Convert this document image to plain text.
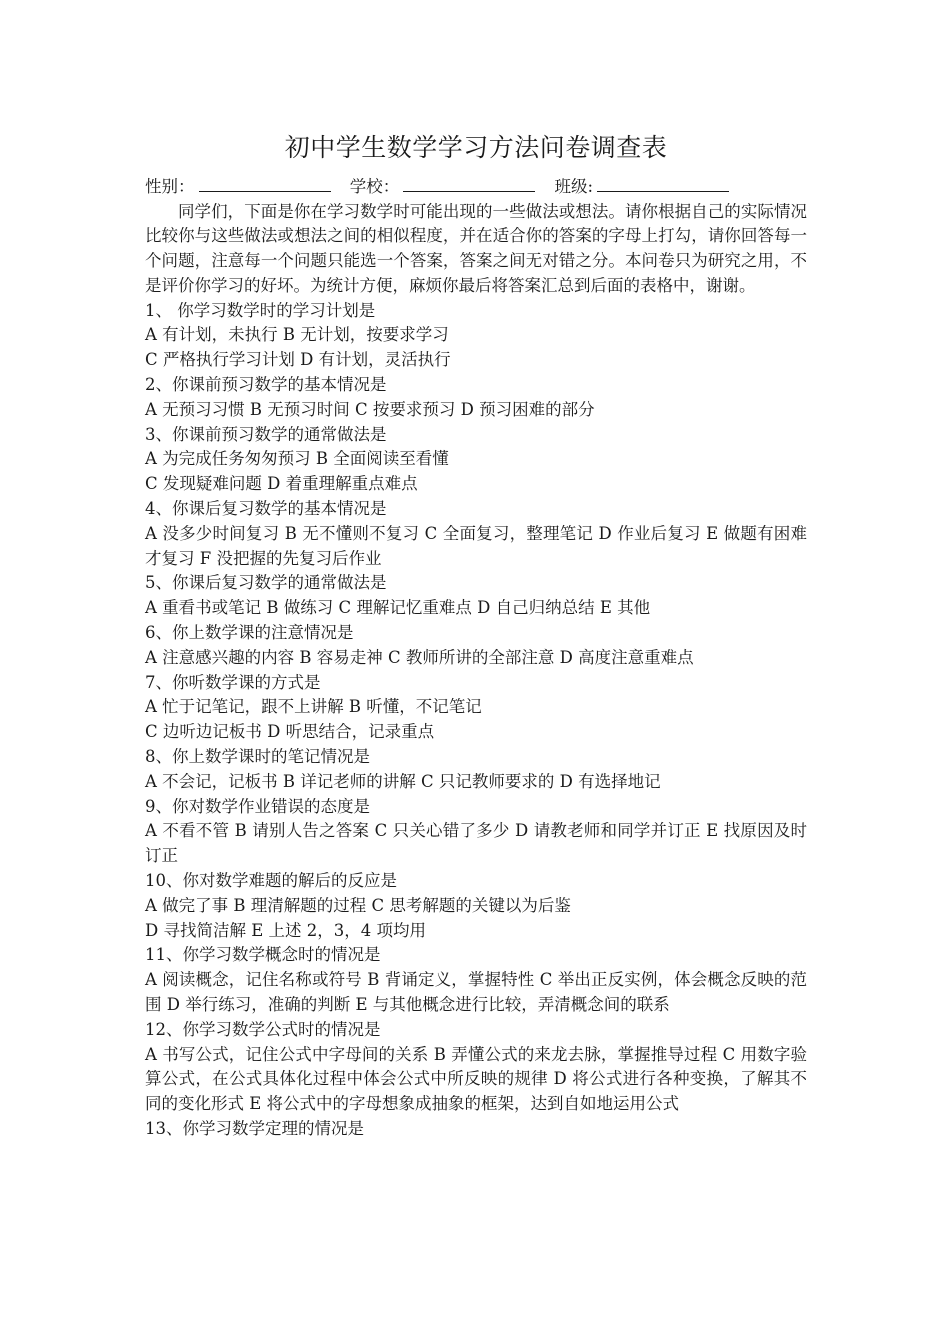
初中学生数学学习方法问卷调查表
性别：	学校：	班级:

同学们，下面是你在学习数学时可能出现的一些做法或想法。请你根据自己的实际情况比较你与这些做法或想法之间的相似程度，并在适合你的答案的字母上打勾，请你回答每一个问题，注意每一个问题只能选一个答案，答案之间无对错之分。本问卷只为研究之用，不是评价你学习的好坏。为统计方便，麻烦你最后将答案汇总到后面的表格中，谢谢。

1、 你学习数学时的学习计划是

A 有计划，未执行 B 无计划，按要求学习

C 严格执行学习计划 D 有计划，灵活执行

2、你课前预习数学的基本情况是

A 无预习习惯 B 无预习时间 C 按要求预习 D 预习困难的部分

3、你课前预习数学的通常做法是

A 为完成任务匆匆预习 B 全面阅读至看懂

C 发现疑难问题 D 着重理解重点难点

4、你课后复习数学的基本情况是

A 没多少时间复习 B 无不懂则不复习 C 全面复习，整理笔记 D 作业后复习 E 做题有困难才复习 F 没把握的先复习后作业

5、你课后复习数学的通常做法是

A 重看书或笔记 B 做练习 C 理解记忆重难点 D 自己归纳总结 E 其他

6、你上数学课的注意情况是

A 注意感兴趣的内容 B 容易走神 C 教师所讲的全部注意 D 高度注意重难点

7、你听数学课的方式是

A 忙于记笔记，跟不上讲解 B 听懂，不记笔记

C 边听边记板书 D 听思结合，记录重点

8、你上数学课时的笔记情况是

A 不会记，记板书 B 详记老师的讲解 C 只记教师要求的 D 有选择地记

9、你对数学作业错误的态度是

A 不看不管 B 请别人告之答案 C 只关心错了多少 D 请教老师和同学并订正 E 找原因及时订正

10、你对数学难题的解后的反应是

A 做完了事 B 理清解题的过程 C 思考解题的关键以为后鉴

D 寻找简洁解 E 上述 2，3，4 项均用

11、你学习数学概念时的情况是

A 阅读概念，记住名称或符号 B 背诵定义，掌握特性 C 举出正反实例，体会概念反映的范围 D 举行练习，准确的判断 E 与其他概念进行比较，弄清概念间的联系

12、你学习数学公式时的情况是

A 书写公式，记住公式中字母间的关系 B 弄懂公式的来龙去脉，掌握推导过程 C 用数字验算公式，在公式具体化过程中体会公式中所反映的规律 D 将公式进行各种变换，了解其不同的变化形式 E 将公式中的字母想象成抽象的框架，达到自如地运用公式

13、你学习数学定理的情况是
